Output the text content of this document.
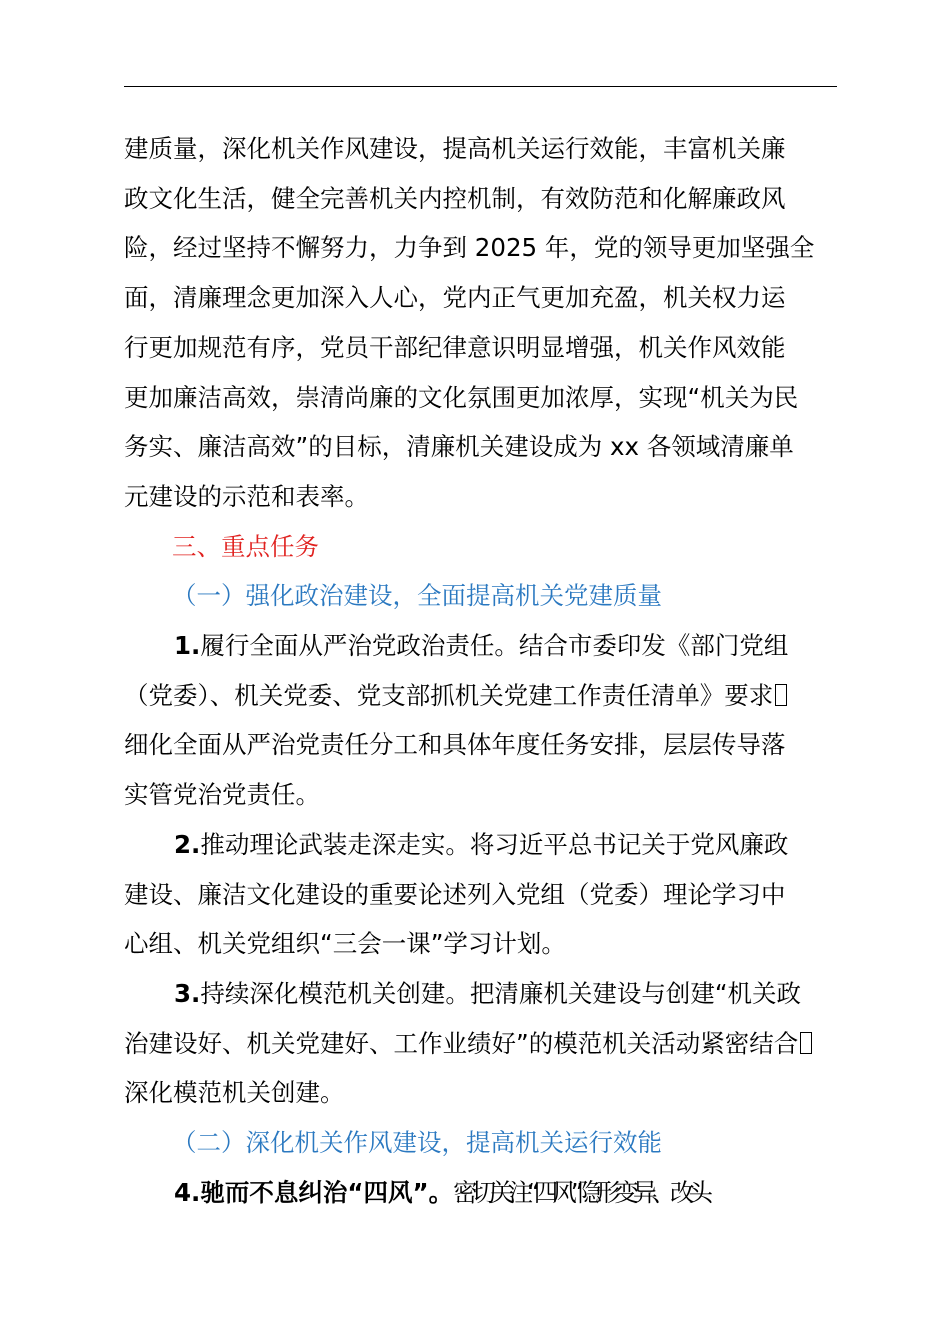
建质量，深化机关作风建设，提高机关运行效能，丰富机关廉
政文化生活，健全完善机关内控机制，有效防范和化解廉政风
险，经过坚持不懈努力，力争到 2025 年，党的领导更加坚强全
面，清廉理念更加深入人心，党内正气更加充盈，机关权力运
行更加规范有序，党员干部纪律意识明显增强，机关作风效能
更加廉洁高效，崇清尚廉的文化氛围更加浓厚，实现“机关为民
务实、廉洁高效”的目标，清廉机关建设成为 xx 各领域清廉单
元建设的示范和表率。
三、重点任务
（一）强化政治建设，全面提高机关党建质量
1.履行全面从严治党政治责任。结合市委印发《部门党组
（党委）、机关党委、党支部抓机关党建工作责任清单》要求
细化全面从严治党责任分工和具体年度任务安排，层层传导落
实管党治党责任。
2.推动理论武装走深走实。将习近平总书记关于党风廉政
建设、廉洁文化建设的重要论述列入党组（党委）理论学习中
心组、机关党组织“三会一课”学习计划。
3.持续深化模范机关创建。把清廉机关建设与创建“机关政
治建设好、机关党建好、工作业绩好”的模范机关活动紧密结合
深化模范机关创建。
（二）深化机关作风建设，提高机关运行效能
4.驰而不息纠治“四风”。密切关注“四风”隐形变异、改头
